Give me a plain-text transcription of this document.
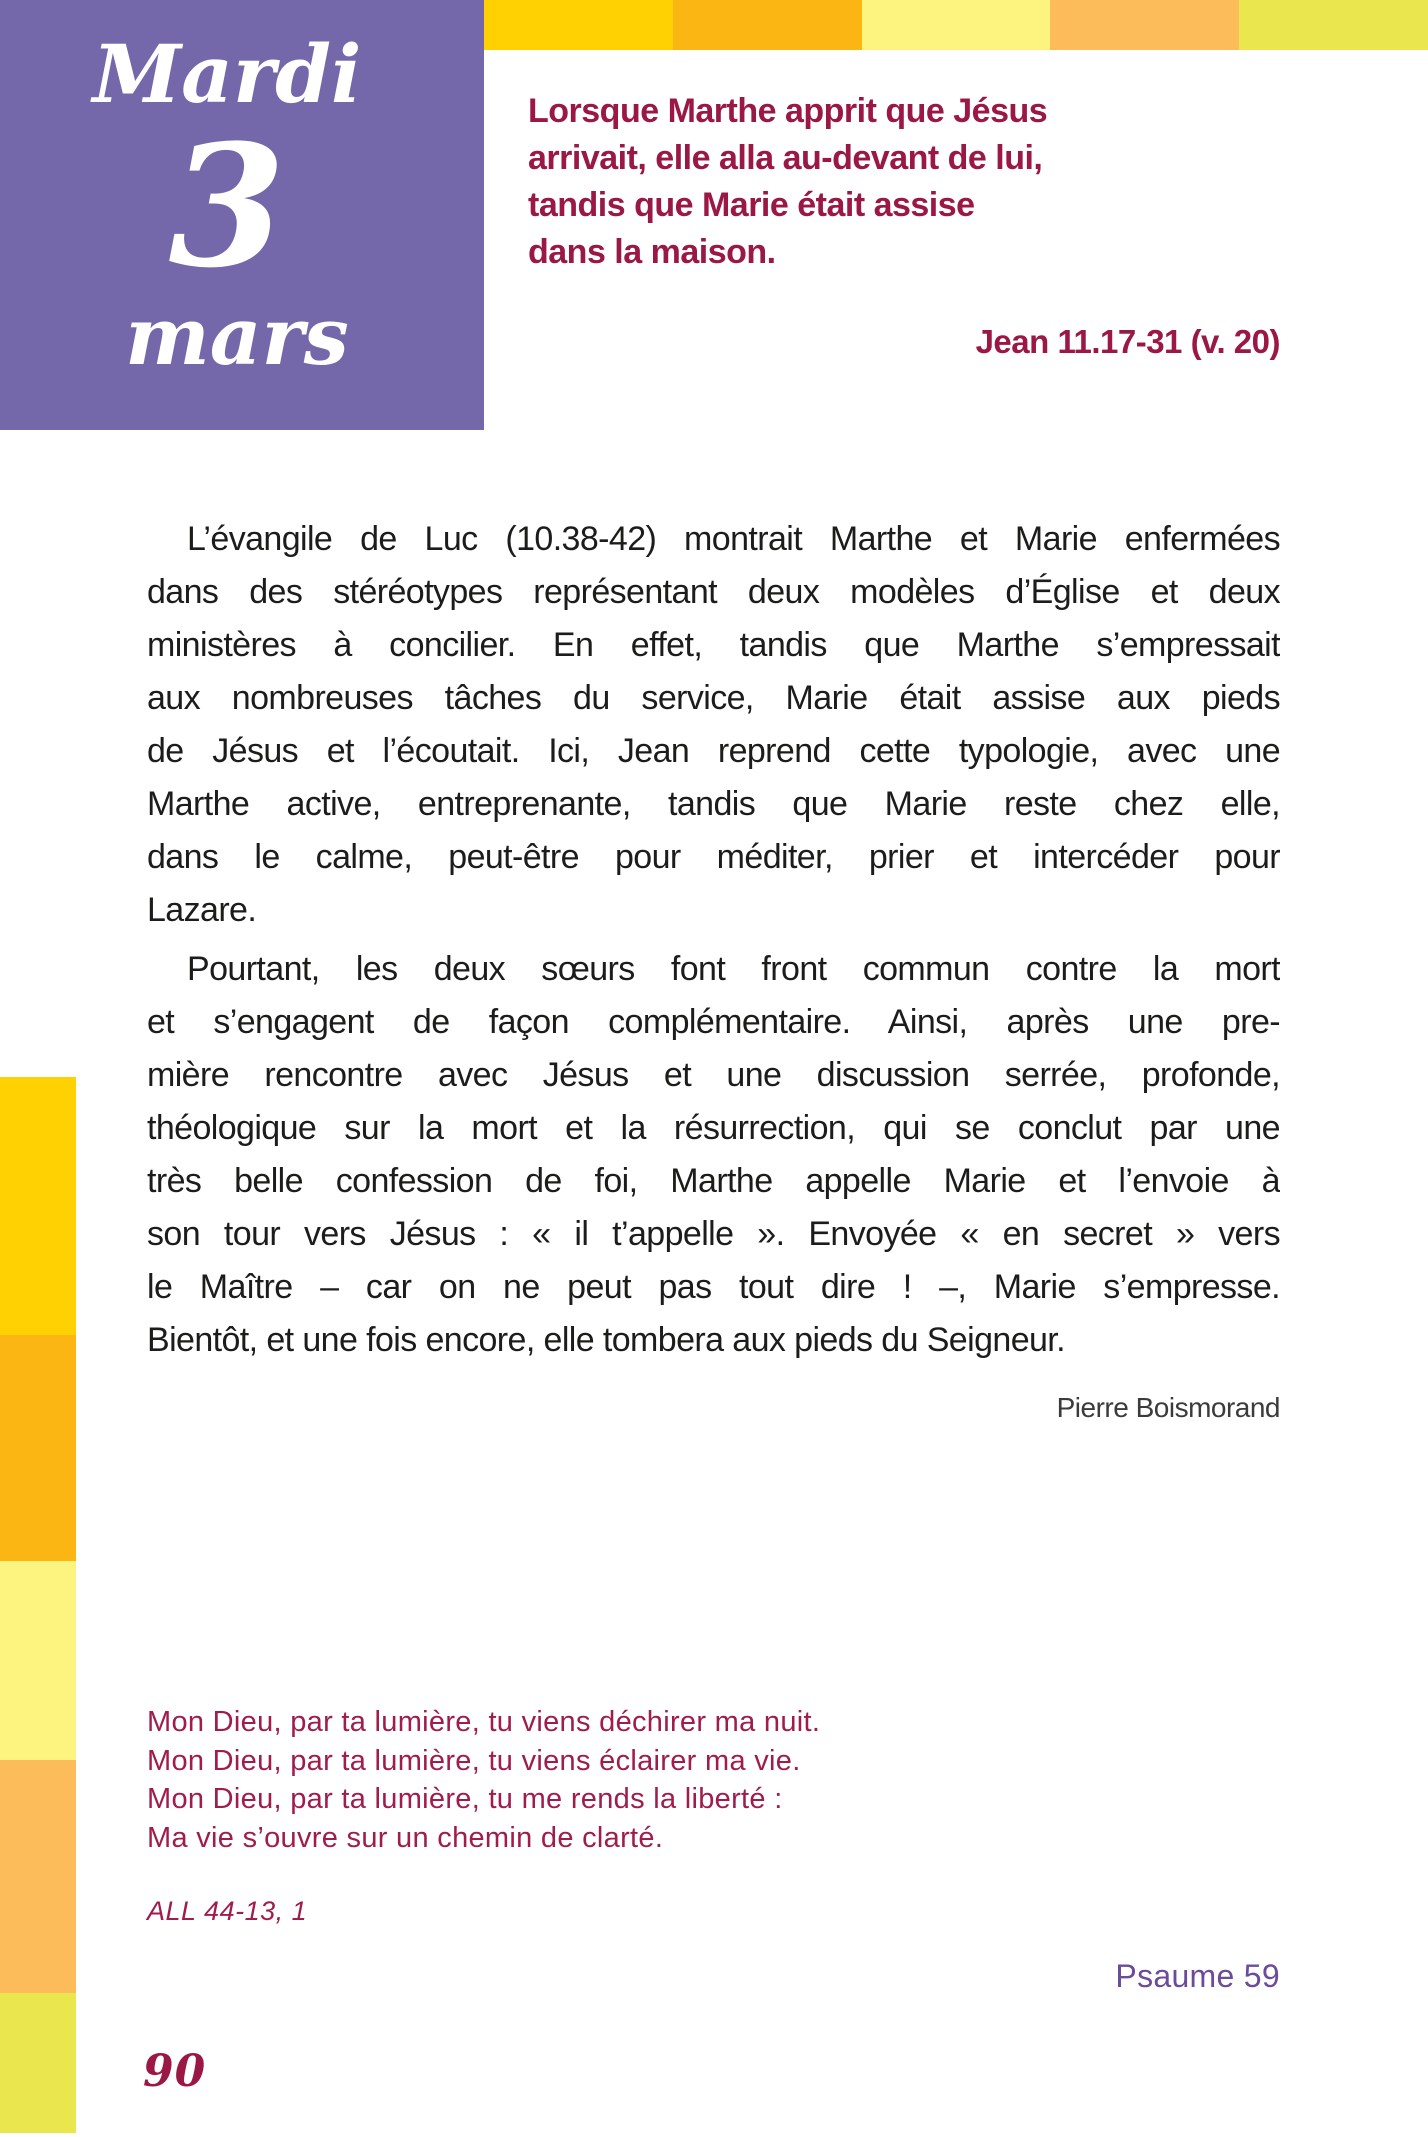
Mardi
3
mars
Lorsque Marthe apprit que Jésus
arrivait, elle alla au-devant de lui,
tandis que Marie était assise
dans la maison.
Jean 11.17-31 (v. 20)
L’évangile de Luc (10.38-42) montrait Marthe et Marie enfermées
dans des stéréotypes représentant deux modèles d’Église et deux
ministères à concilier. En effet, tandis que Marthe s’empressait
aux nombreuses tâches du service, Marie était assise aux pieds
de Jésus et l’écoutait. Ici, Jean reprend cette typologie, avec une
Marthe active, entreprenante, tandis que Marie reste chez elle,
dans le calme, peut-être pour méditer, prier et intercéder pour
Lazare.
Pourtant, les deux sœurs font front commun contre la mort
et s’engagent de façon complémentaire. Ainsi, après une pre-
mière rencontre avec Jésus et une discussion serrée, profonde,
théologique sur la mort et la résurrection, qui se conclut par une
très belle confession de foi, Marthe appelle Marie et l’envoie à
son tour vers Jésus : « il t’appelle ». Envoyée « en secret » vers
le Maître – car on ne peut pas tout dire ! –, Marie s’empresse.
Bientôt, et une fois encore, elle tombera aux pieds du Seigneur.
Pierre Boismorand
Mon Dieu, par ta lumière, tu viens déchirer ma nuit.
Mon Dieu, par ta lumière, tu viens éclairer ma vie.
Mon Dieu, par ta lumière, tu me rends la liberté :
Ma vie s’ouvre sur un chemin de clarté.
ALL 44-13, 1
Psaume 59
90
